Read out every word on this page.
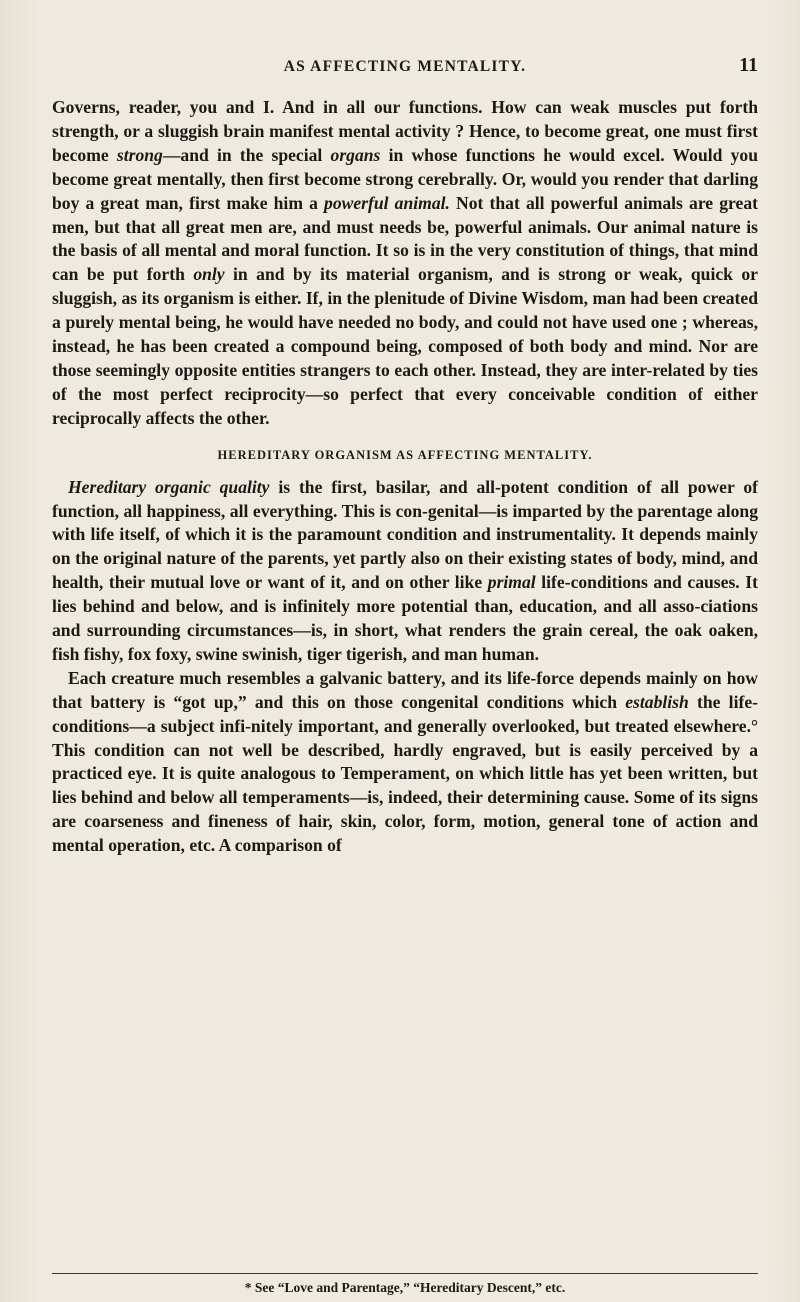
AS AFFECTING MENTALITY.	11

Governs, reader, you and I. And in all our functions. How can weak muscles put forth strength, or a sluggish brain manifest mental activity ? Hence, to become great, one must first become strong—and in the special organs in whose functions he would excel. Would you become great mentally, then first become strong cerebrally. Or, would you render that darling boy a great man, first make him a powerful animal. Not that all powerful animals are great men, but that all great men are, and must needs be, powerful animals. Our animal nature is the basis of all mental and moral function. It so is in the very constitution of things, that mind can be put forth only in and by its material organism, and is strong or weak, quick or sluggish, as its organism is either. If, in the plenitude of Divine Wisdom, man had been created a purely mental being, he would have needed no body, and could not have used one ; whereas, instead, he has been created a compound being, composed of both body and mind. Nor are those seemingly opposite entities strangers to each other. Instead, they are inter-related by ties of the most perfect reciprocity—so perfect that every conceivable condition of either reciprocally affects the other.

HEREDITARY ORGANISM AS AFFECTING MENTALITY.

Hereditary organic quality is the first, basilar, and all-potent condition of all power of function, all happiness, all everything. This is con-genital—is imparted by the parentage along with life itself, of which it is the paramount condition and instrumentality. It depends mainly on the original nature of the parents, yet partly also on their existing states of body, mind, and health, their mutual love or want of it, and on other like primal life-conditions and causes. It lies behind and below, and is infinitely more potential than, education, and all asso-ciations and surrounding circumstances—is, in short, what renders the grain cereal, the oak oaken, fish fishy, fox foxy, swine swinish, tiger tigerish, and man human.

Each creature much resembles a galvanic battery, and its life-force depends mainly on how that battery is “got up,” and this on those congenital conditions which establish the life-conditions—a subject infi-nitely important, and generally overlooked, but treated elsewhere.° This condition can not well be described, hardly engraved, but is easily perceived by a practiced eye. It is quite analogous to Temperament, on which little has yet been written, but lies behind and below all temperaments—is, indeed, their determining cause. Some of its signs are coarseness and fineness of hair, skin, color, form, motion, general tone of action and mental operation, etc. A comparison of

* See “Love and Parentage,” “Hereditary Descent,” etc.
